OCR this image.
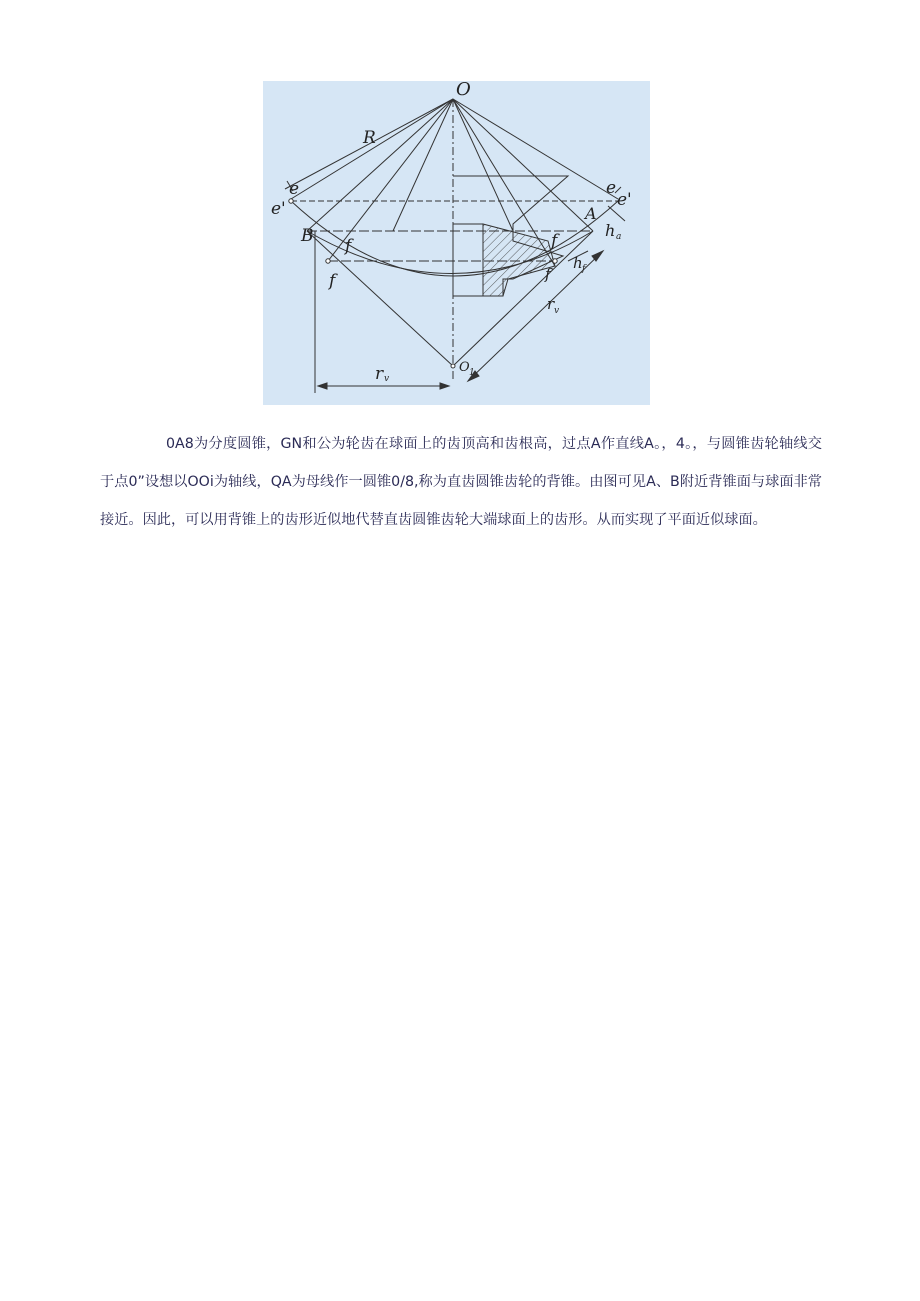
O
R
e
e'
B f
f
e
e'
A
h a
f
f
h f
r v
r v
O 1

0A8为分度圆锥，GN和公为轮齿在球面上的齿顶高和齿根高，过点A作直线A。，4。，与圆锥齿轮轴线交于点0”设想以OOi为轴线，QA为母线作一圆锥0/8,称为直齿圆锥齿轮的背锥。由图可见A、B附近背锥面与球面非常接近。因此，可以用背锥上的齿形近似地代替直齿圆锥齿轮大端球面上的齿形。从而实现了平面近似球面。
